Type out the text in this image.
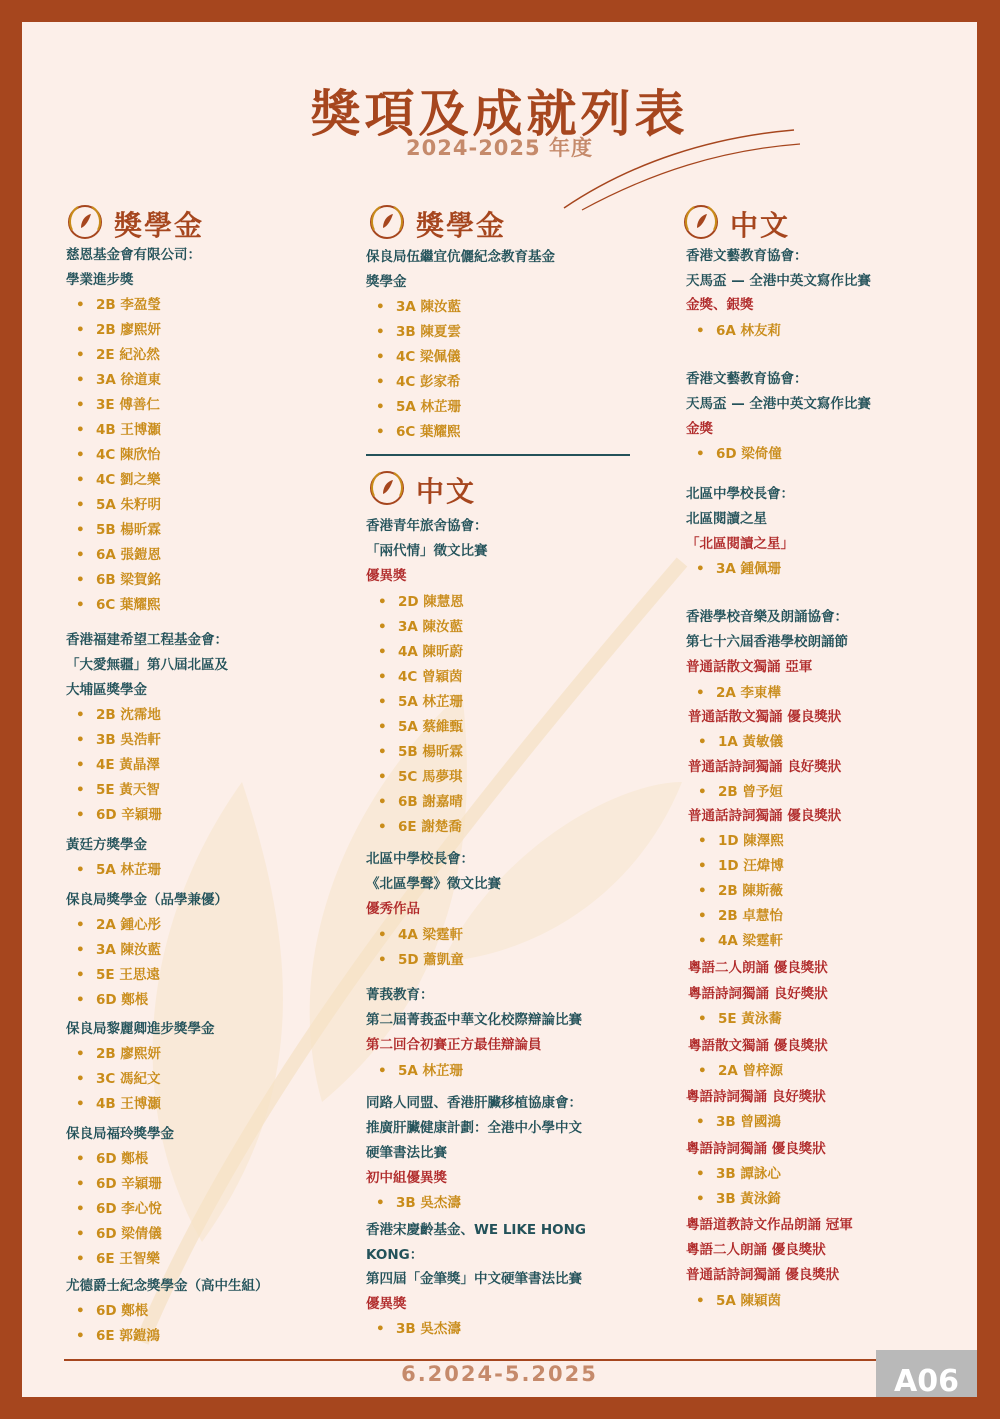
獎項及成就列表
2024-2025 年度
獎學金
慈恩基金會有限公司：
學業進步獎
• 2B 李盈瑩
• 2B 廖熙妍
• 2E 紀沁然
• 3A 徐道東
• 3E 傅善仁
• 4B 王博灝
• 4C 陳欣怡
• 4C 劉之樂
• 5A 朱籽明
• 5B 楊昕霖
• 6A 張鎧恩
• 6B 梁賀銘
• 6C 葉耀熙
香港福建希望工程基金會：
「大愛無疆」第八屆北區及
大埔區獎學金
• 2B 沈霈地
• 3B 吳浩軒
• 4E 黃晶澤
• 5E 黃天智
• 6D 辛穎珊
黃廷方獎學金
• 5A 林芷珊
保良局獎學金（品學兼優）
• 2A 鍾心彤
• 3A 陳汝藍
• 5E 王思遠
• 6D 鄭棖
保良局黎麗卿進步獎學金
• 2B 廖熙妍
• 3C 馮紀文
• 4B 王博灝
保良局福玲獎學金
• 6D 鄭棖
• 6D 辛穎珊
• 6D 李心悅
• 6D 梁倩儀
• 6E 王智樂
尤德爵士紀念獎學金（高中生組）
• 6D 鄭棖
• 6E 郭鎧鴻
獎學金
保良局伍繼宜伉儷紀念教育基金
獎學金
• 3A 陳汝藍
• 3B 陳夏雲
• 4C 梁佩儀
• 4C 彭家希
• 5A 林芷珊
• 6C 葉耀熙
中文
香港青年旅舍協會：
「兩代情」徵文比賽
優異獎
• 2D 陳慧恩
• 3A 陳汝藍
• 4A 陳昕蔚
• 4C 曾穎茵
• 5A 林芷珊
• 5A 蔡維甄
• 5B 楊昕霖
• 5C 馬夢琪
• 6B 謝嘉晴
• 6E 謝楚喬
北區中學校長會：
《北區學聲》徵文比賽
優秀作品
• 4A 梁霆軒
• 5D 蕭凱童
菁莪教育：
第二屆菁莪盃中華文化校際辯論比賽
第二回合初賽正方最佳辯論員
• 5A 林芷珊
同路人同盟、香港肝臟移植協康會：
推廣肝臟健康計劃：全港中小學中文
硬筆書法比賽
初中組優異獎
• 3B 吳杰濤
香港宋慶齡基金、WE LIKE HONG
KONG：
第四屆「金筆獎」中文硬筆書法比賽
優異獎
• 3B 吳杰濤
中文
香港文藝教育協會：
天馬盃 — 全港中英文寫作比賽
金獎、銀獎
• 6A 林友莉
香港文藝教育協會：
天馬盃 — 全港中英文寫作比賽
金獎
• 6D 梁倚僮
北區中學校長會：
北區閱讀之星
「北區閱讀之星」
• 3A 鍾佩珊
香港學校音樂及朗誦協會：
第七十六屆香港學校朗誦節
普通話散文獨誦 亞軍
• 2A 李東樺
普通話散文獨誦 優良獎狀
• 1A 黃敏儀
普通話詩詞獨誦 良好獎狀
• 2B 曾予姮
普通話詩詞獨誦 優良獎狀
• 1D 陳澤熙
• 1D 汪煒博
• 2B 陳斯薇
• 2B 卓慧怡
• 4A 梁霆軒
粵語二人朗誦 優良獎狀
粵語詩詞獨誦 良好獎狀
• 5E 黃泳蕎
粵語散文獨誦 優良獎狀
• 2A 曾梓源
粵語詩詞獨誦 良好獎狀
• 3B 曾國鴻
粵語詩詞獨誦 優良獎狀
• 3B 譚詠心
• 3B 黃泳錡
粵語道教詩文作品朗誦 冠軍
粵語二人朗誦 優良獎狀
普通話詩詞獨誦 優良獎狀
• 5A 陳穎茵
6.2024-5.2025	A06
